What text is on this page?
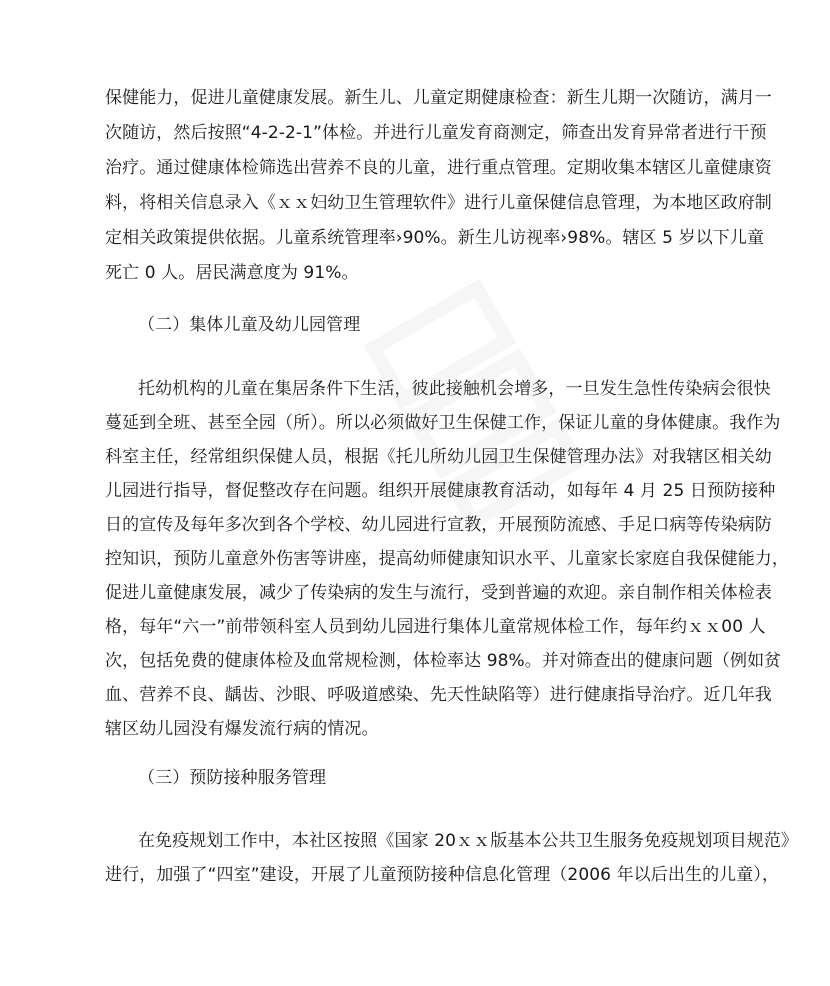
保健能力，促进儿童健康发展。新生儿、儿童定期健康检查：新生儿期一次随访，满月一
次随访，然后按照“4-2-2-1”体检。并进行儿童发育商测定，筛查出发育异常者进行干预
治疗。通过健康体检筛选出营养不良的儿童，进行重点管理。定期收集本辖区儿童健康资
料，将相关信息录入《ｘｘ妇幼卫生管理软件》进行儿童保健信息管理，为本地区政府制
定相关政策提供依据。儿童系统管理率›90%。新生儿访视率›98%。辖区 5 岁以下儿童
死亡 0 人。居民满意度为 91%。
（二）集体儿童及幼儿园管理
托幼机构的儿童在集居条件下生活，彼此接触机会增多，一旦发生急性传染病会很快
蔓延到全班、甚至全园（所）。所以必须做好卫生保健工作，保证儿童的身体健康。我作为
科室主任，经常组织保健人员，根据《托儿所幼儿园卫生保健管理办法》对我辖区相关幼
儿园进行指导，督促整改存在问题。组织开展健康教育活动，如每年 4 月 25 日预防接种
日的宣传及每年多次到各个学校、幼儿园进行宣教，开展预防流感、手足口病等传染病防
控知识，预防儿童意外伤害等讲座，提高幼师健康知识水平、儿童家长家庭自我保健能力，
促进儿童健康发展，减少了传染病的发生与流行，受到普遍的欢迎。亲自制作相关体检表
格，每年“六一”前带领科室人员到幼儿园进行集体儿童常规体检工作，每年约ｘｘ00 人
次，包括免费的健康体检及血常规检测，体检率达 98%。并对筛查出的健康问题（例如贫
血、营养不良、龋齿、沙眼、呼吸道感染、先天性缺陷等）进行健康指导治疗。近几年我
辖区幼儿园没有爆发流行病的情况。
（三）预防接种服务管理
在免疫规划工作中，本社区按照《国家 20ｘｘ版基本公共卫生服务免疫规划项目规范》
进行，加强了“四室”建设，开展了儿童预防接种信息化管理（2006 年以后出生的儿童），
